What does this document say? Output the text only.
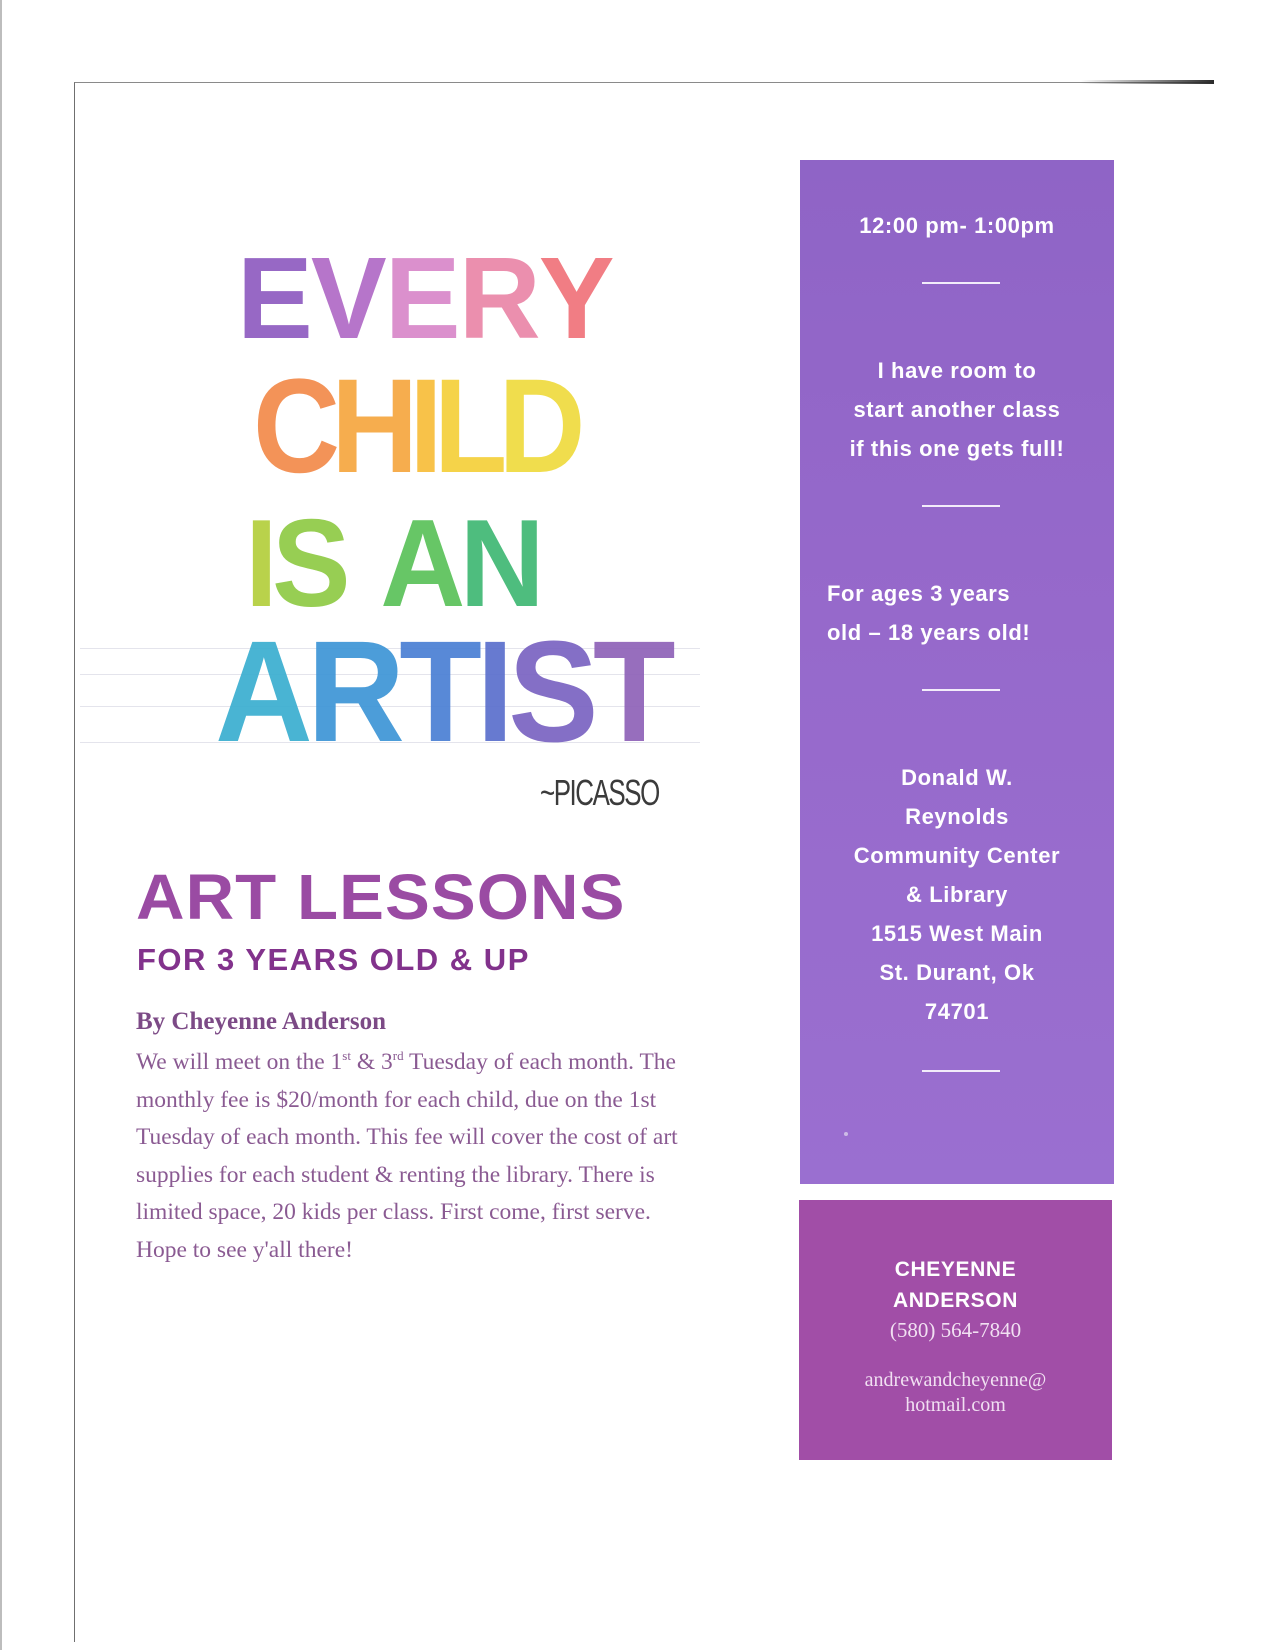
E V E R Y
C H I L D
I S
A N
A R T I S T
~PICASSO
ART LESSONS
FOR 3 YEARS OLD & UP
By Cheyenne Anderson
We will meet on the 1st & 3rd Tuesday of each month. The
monthly fee is $20/month for each child, due on the 1st
Tuesday of each month. This fee will cover the cost of art
supplies for each student & renting the library. There is
limited space, 20 kids per class. First come, first serve.
Hope to see y'all there!
12:00 pm- 1:00pm
I have room to
start another class
if this one gets full!
For ages 3 years
old – 18 years old!
Donald W.
Reynolds
Community Center
& Library
1515 West Main
St. Durant, Ok
74701
CHEYENNE
ANDERSON
(580) 564-7840
andrewandcheyenne@
hotmail.com
